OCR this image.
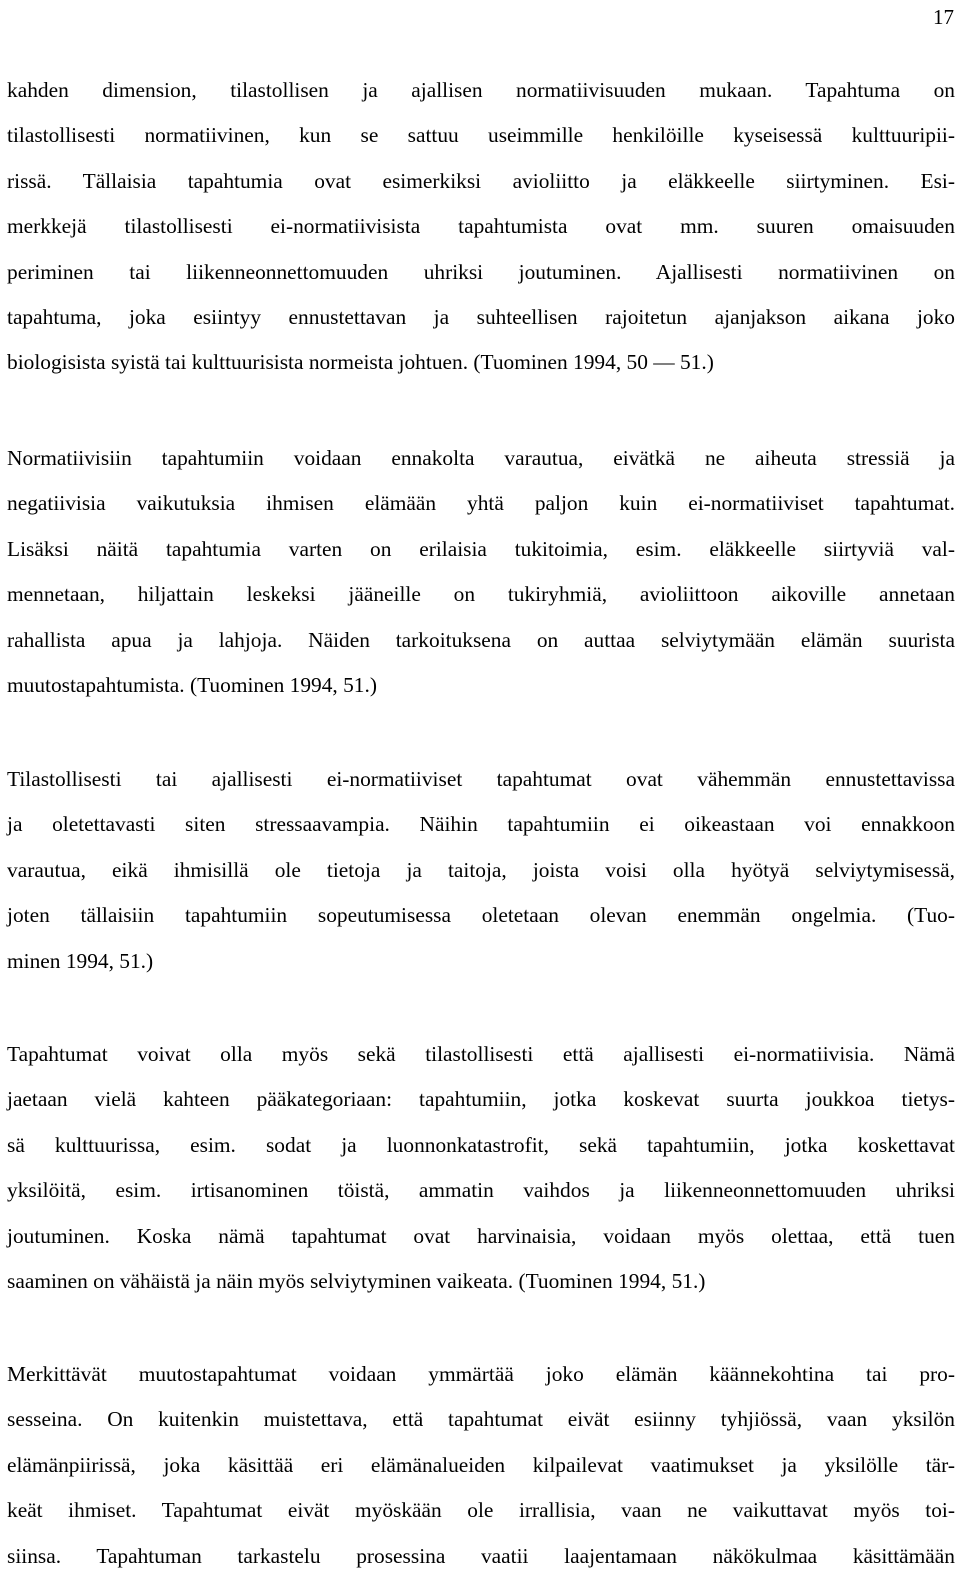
17
kahden dimension, tilastollisen ja ajallisen normatiivisuuden mukaan. Tapahtuma on
tilastollisesti normatiivinen, kun se sattuu useimmille henkilöille kyseisessä kulttuuripii-
rissä. Tällaisia tapahtumia ovat esimerkiksi avioliitto ja eläkkeelle siirtyminen. Esi-
merkkejä tilastollisesti ei-normatiivisista tapahtumista ovat mm. suuren omaisuuden
periminen tai liikenneonnettomuuden uhriksi joutuminen. Ajallisesti normatiivinen on
tapahtuma, joka esiintyy ennustettavan ja suhteellisen rajoitetun ajanjakson aikana joko
biologisista syistä tai kulttuurisista normeista johtuen. (Tuominen 1994, 50 — 51.)
Normatiivisiin tapahtumiin voidaan ennakolta varautua, eivätkä ne aiheuta stressiä ja
negatiivisia vaikutuksia ihmisen elämään yhtä paljon kuin ei-normatiiviset tapahtumat.
Lisäksi näitä tapahtumia varten on erilaisia tukitoimia, esim. eläkkeelle siirtyviä val-
mennetaan, hiljattain leskeksi jääneille on tukiryhmiä, avioliittoon aikoville annetaan
rahallista apua ja lahjoja. Näiden tarkoituksena on auttaa selviytymään elämän suurista
muutostapahtumista. (Tuominen 1994, 51.)
Tilastollisesti tai ajallisesti ei-normatiiviset tapahtumat ovat vähemmän ennustettavissa
ja oletettavasti siten stressaavampia. Näihin tapahtumiin ei oikeastaan voi ennakkoon
varautua, eikä ihmisillä ole tietoja ja taitoja, joista voisi olla hyötyä selviytymisessä,
joten tällaisiin tapahtumiin sopeutumisessa oletetaan olevan enemmän ongelmia. (Tuo-
minen 1994, 51.)
Tapahtumat voivat olla myös sekä tilastollisesti että ajallisesti ei-normatiivisia. Nämä
jaetaan vielä kahteen pääkategoriaan: tapahtumiin, jotka koskevat suurta joukkoa tietys-
sä kulttuurissa, esim. sodat ja luonnonkatastrofit, sekä tapahtumiin, jotka koskettavat
yksilöitä, esim. irtisanominen töistä, ammatin vaihdos ja liikenneonnettomuuden uhriksi
joutuminen. Koska nämä tapahtumat ovat harvinaisia, voidaan myös olettaa, että tuen
saaminen on vähäistä ja näin myös selviytyminen vaikeata. (Tuominen 1994, 51.)
Merkittävät muutostapahtumat voidaan ymmärtää joko elämän käännekohtina tai pro-
sesseina. On kuitenkin muistettava, että tapahtumat eivät esiinny tyhjiössä, vaan yksilön
elämänpiirissä, joka käsittää eri elämänalueiden kilpailevat vaatimukset ja yksilölle tär-
keät ihmiset. Tapahtumat eivät myöskään ole irrallisia, vaan ne vaikuttavat myös toi-
siinsa. Tapahtuman tarkastelu prosessina vaatii laajentamaan näkökulmaa käsittämään
